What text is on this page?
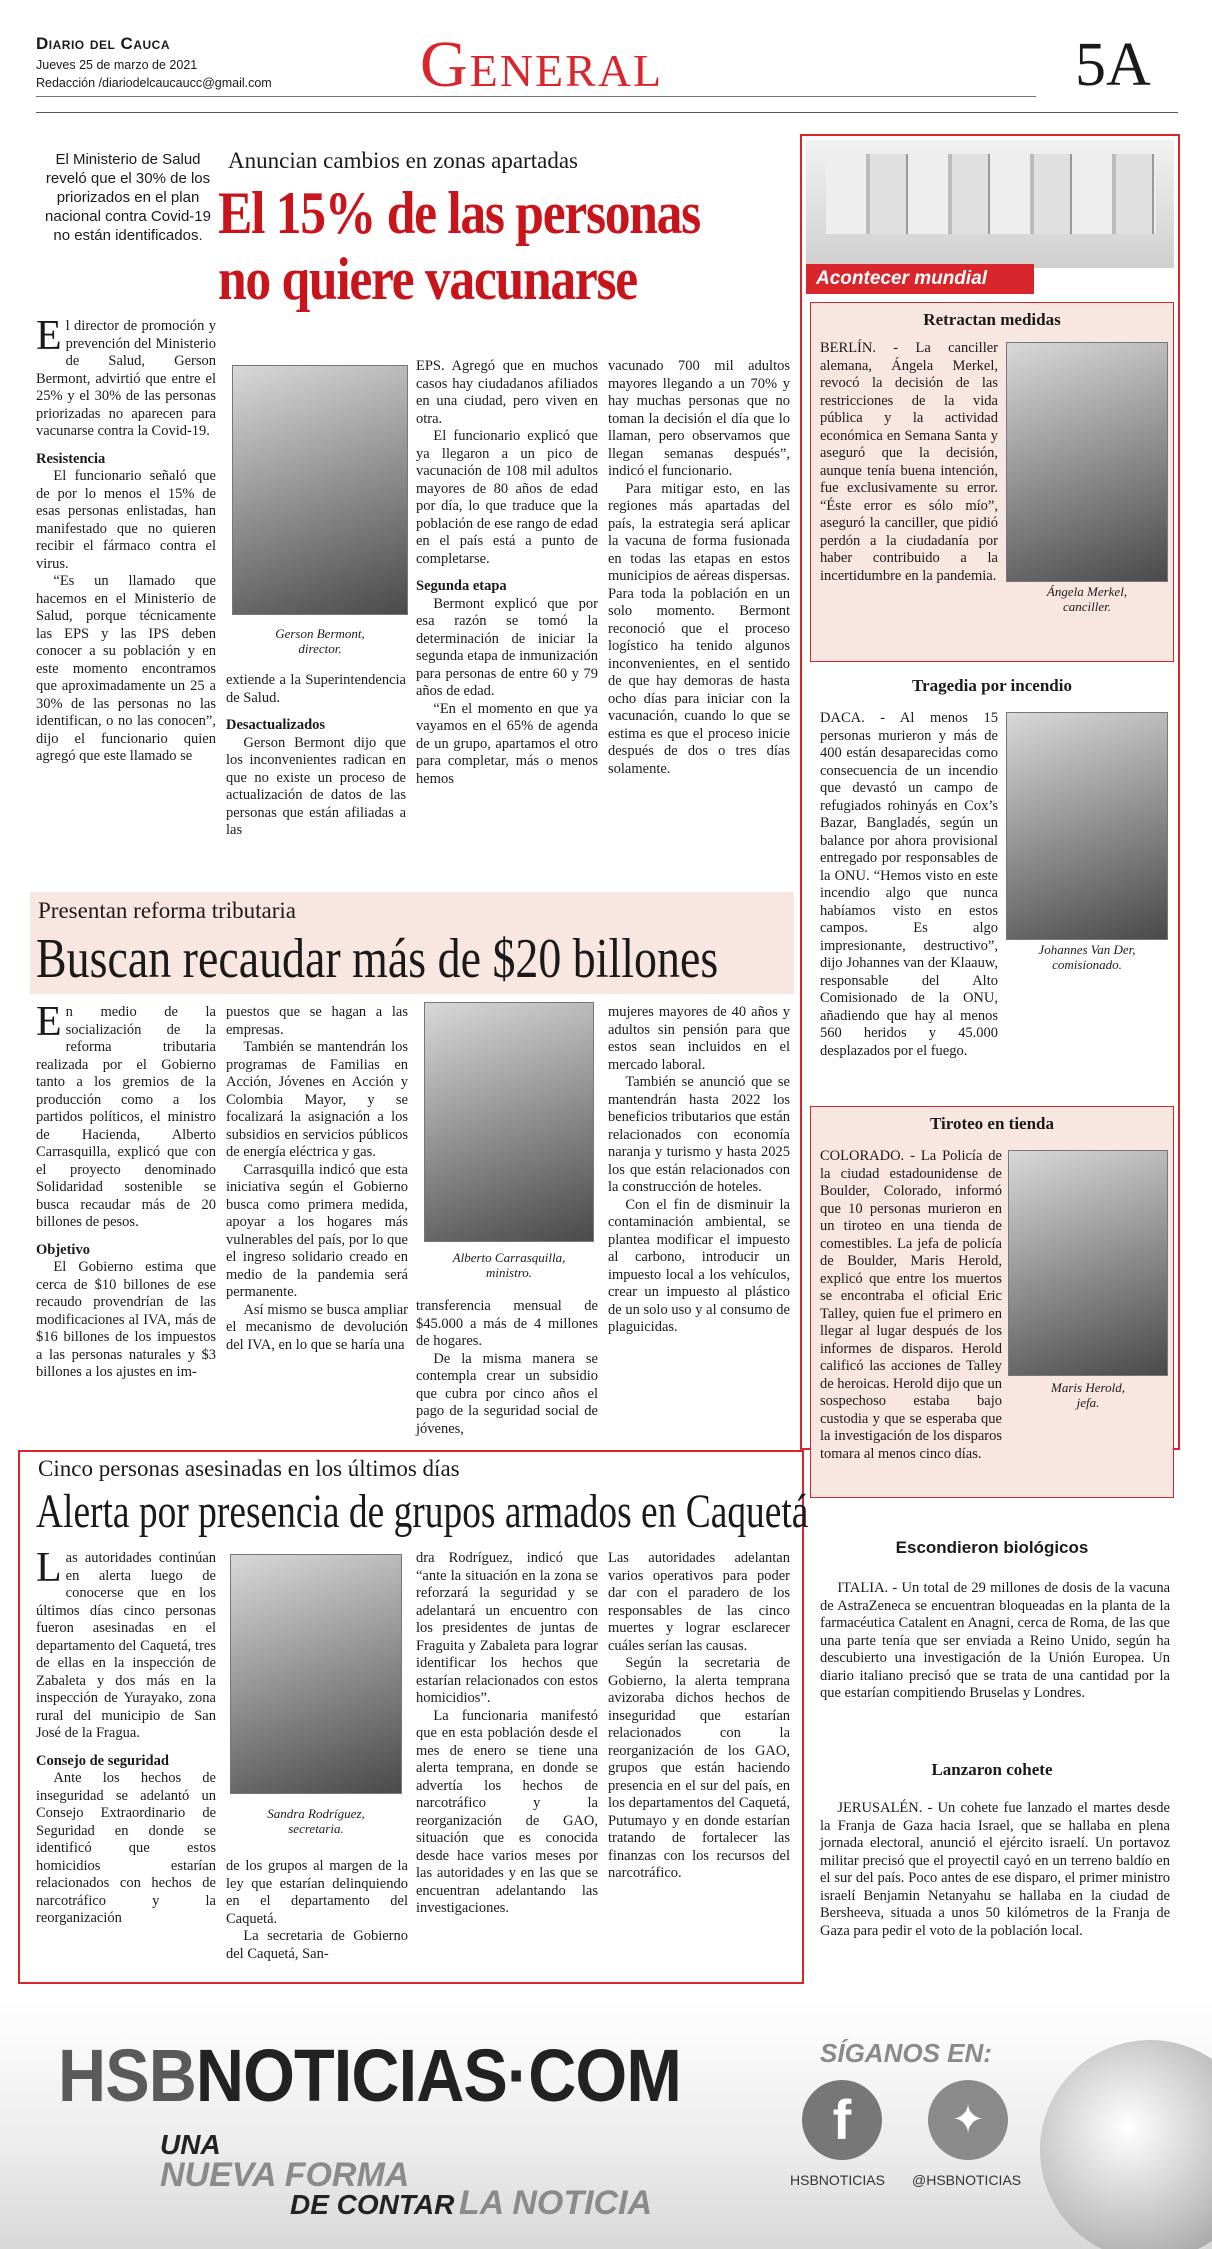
Diario del Cauca
Jueves 25 de marzo de 2021
Redacción /diariodelcaucaucc@gmail.com General	5A
El Ministerio de Salud reveló que el 30% de los priorizados en el plan nacional contra Covid-19 no están identificados.
Anuncian cambios en zonas apartadas
El 15% de las personas
no quiere vacunarse

El director de promoción y prevención del Ministerio de Salud, Gerson Bermont, advirtió que entre el 25% y el 30% de las personas priorizadas no aparecen para vacunarse contra la Covid-19.

Resistencia

El funcionario señaló que de por lo menos el 15% de esas personas enlistadas, han manifestado que no quieren recibir el fármaco contra el virus.

“Es un llamado que hacemos en el Ministerio de Salud, porque técnicamente las EPS y las IPS deben conocer a su población y en este momento encontramos que aproximadamente un 25 a 30% de las personas no las identifican, o no las conocen”, dijo el funcionario quien agregó que este llamado se

Gerson Bermont,
director.

extiende a la Superintendencia de Salud.

Desactualizados

Gerson Bermont dijo que los inconvenientes radican en que no existe un proceso de actualización de datos de las personas que están afiliadas a las

EPS. Agregó que en muchos casos hay ciudadanos afiliados en una ciudad, pero viven en otra.

El funcionario explicó que ya llegaron a un pico de vacunación de 108 mil adultos mayores de 80 años de edad por día, lo que traduce que la población de ese rango de edad en el país está a punto de completarse.

Segunda etapa

Bermont explicó que por esa razón se tomó la determinación de iniciar la segunda etapa de inmunización para personas de entre 60 y 79 años de edad.

“En el momento en que ya vayamos en el 65% de agenda de un grupo, apartamos el otro para completar, más o menos hemos

vacunado 700 mil adultos mayores llegando a un 70% y hay muchas personas que no toman la decisión el día que lo llaman, pero observamos que llegan semanas después”, indicó el funcionario.

Para mitigar esto, en las regiones más apartadas del país, la estrategia será aplicar la vacuna de forma fusionada en todas las etapas en estos municipios de aéreas dispersas. Para toda la población en un solo momento. Bermont reconoció que el proceso logístico ha tenido algunos inconvenientes, en el sentido de que hay demoras de hasta ocho días para iniciar con la vacunación, cuando lo que se estima es que el proceso inicie después de dos o tres días solamente.

Presentan reforma tributaria
Buscan recaudar más de $20 billones

En medio de la socialización de la reforma tributaria realizada por el Gobierno tanto a los gremios de la producción como a los partidos políticos, el ministro de Hacienda, Alberto Carrasquilla, explicó que con el proyecto denominado Solidaridad sostenible se busca recaudar más de 20 billones de pesos.

Objetivo

El Gobierno estima que cerca de $10 billones de ese recaudo provendrían de las modificaciones al IVA, más de $16 billones de los impuestos a las personas naturales y $3 billones a los ajustes en im-

puestos que se hagan a las empresas.

También se mantendrán los programas de Familias en Acción, Jóvenes en Acción y Colombia Mayor, y se focalizará la asignación a los subsidios en servicios públicos de energía eléctrica y gas.

Carrasquilla indicó que esta iniciativa según el Gobierno busca como primera medida, apoyar a los hogares más vulnerables del país, por lo que el ingreso solidario creado en medio de la pandemia será permanente.

Así mismo se busca ampliar el mecanismo de devolución del IVA, en lo que se haría una

Alberto Carrasquilla,
ministro.

transferencia mensual de $45.000 a más de 4 millones de hogares.

De la misma manera se contempla crear un subsidio que cubra por cinco años el pago de la seguridad social de jóvenes,

mujeres mayores de 40 años y adultos sin pensión para que estos sean incluidos en el mercado laboral.

También se anunció que se mantendrán hasta 2022 los beneficios tributarios que están relacionados con economía naranja y turismo y hasta 2025 los que están relacionados con la construcción de hoteles.

Con el fin de disminuir la contaminación ambiental, se plantea modificar el impuesto al carbono, introducir un impuesto local a los vehículos, crear un impuesto al plástico de un solo uso y al consumo de plaguicidas.

Cinco personas asesinadas en los últimos días
Alerta por presencia de grupos armados en Caquetá

Las autoridades continúan en alerta luego de conocerse que en los últimos días cinco personas fueron asesinadas en el departamento del Caquetá, tres de ellas en la inspección de Zabaleta y dos más en la inspección de Yurayako, zona rural del municipio de San José de la Fragua.

Consejo de seguridad

Ante los hechos de inseguridad se adelantó un Consejo Extraordinario de Seguridad en donde se identificó que estos homicidios estarían relacionados con hechos de narcotráfico y la reorganización

Sandra Rodríguez,
secretaria.

de los grupos al margen de la ley que estarían delinquiendo en el departamento del Caquetá.

La secretaria de Gobierno del Caquetá, San-

dra Rodríguez, indicó que “ante la situación en la zona se reforzará la seguridad y se adelantará un encuentro con los presidentes de juntas de Fraguita y Zabaleta para lograr identificar los hechos que estarían relacionados con estos homicidios”.

La funcionaria manifestó que en esta población desde el mes de enero se tiene una alerta temprana, en donde se advertía los hechos de narcotráfico y la reorganización de GAO, situación que es conocida desde hace varios meses por las autoridades y en las que se encuentran adelantando las investigaciones.

Las autoridades adelantan varios operativos para poder dar con el paradero de los responsables de las cinco muertes y lograr esclarecer cuáles serían las causas.

Según la secretaria de Gobierno, la alerta temprana avizoraba dichos hechos de inseguridad que estarían relacionados con la reorganización de los GAO, grupos que están haciendo presencia en el sur del país, en los departamentos del Caquetá, Putumayo y en donde estarían tratando de fortalecer las finanzas con los recursos del narcotráfico.

Acontecer mundial
Retractan medidas
Ángela Merkel,
canciller.

BERLÍN. - La canciller alemana, Ángela Merkel, revocó la decisión de las restricciones de la vida pública y la actividad económica en Semana Santa y aseguró que la decisión, aunque tenía buena intención, fue exclusivamente su error. “Éste error es sólo mío”, aseguró la canciller, que pidió perdón a la ciudadanía por haber contribuido a la incertidumbre en la pandemia.

Tragedia por incendio
Johannes Van Der,
comisionado.

DACA. - Al menos 15 personas murieron y más de 400 están desaparecidas como consecuencia de un incendio que devastó un campo de refugiados rohinyás en Cox’s Bazar, Bangladés, según un balance por ahora provisional entregado por responsables de la ONU. “Hemos visto en este incendio algo que nunca habíamos visto en estos campos. Es algo impresionante, destructivo”, dijo Johannes van der Klaauw, responsable del Alto Comisionado de la ONU, añadiendo que hay al menos 560 heridos y 45.000 desplazados por el fuego.

Tiroteo en tienda
Maris Herold,
jefa.

COLORADO. - La Policía de la ciudad estadounidense de Boulder, Colorado, informó que 10 personas murieron en un tiroteo en una tienda de comestibles. La jefa de policía de Boulder, Maris Herold, explicó que entre los muertos se encontraba el oficial Eric Talley, quien fue el primero en llegar al lugar después de los informes de disparos. Herold calificó las acciones de Talley de heroicas. Herold dijo que un sospechoso estaba bajo custodia y que se esperaba que la investigación de los disparos tomara al menos cinco días.

Escondieron biológicos

ITALIA. - Un total de 29 millones de dosis de la vacuna de AstraZeneca se encuentran bloqueadas en la planta de la farmacéutica Catalent en Anagni, cerca de Roma, de las que una parte tenía que ser enviada a Reino Unido, según ha descubierto una investigación de la Unión Europea. Un diario italiano precisó que se trata de una cantidad por la que estarían compitiendo Bruselas y Londres.

Lanzaron cohete

JERUSALÉN. - Un cohete fue lanzado el martes desde la Franja de Gaza hacia Israel, que se hallaba en plena jornada electoral, anunció el ejército israelí. Un portavoz militar precisó que el proyectil cayó en un terreno baldío en el sur del país. Poco antes de ese disparo, el primer ministro israelí Benjamin Netanyahu se hallaba en la ciudad de Bersheeva, situada a unos 50 kilómetros de la Franja de Gaza para pedir el voto de la población local.

HSBNOTICIAS·COM
UNA
NUEVA FORMA
DE CONTAR LA NOTICIA
SÍGANOS EN:
f	✦
HSBNOTICIAS @HSBNOTICIAS
